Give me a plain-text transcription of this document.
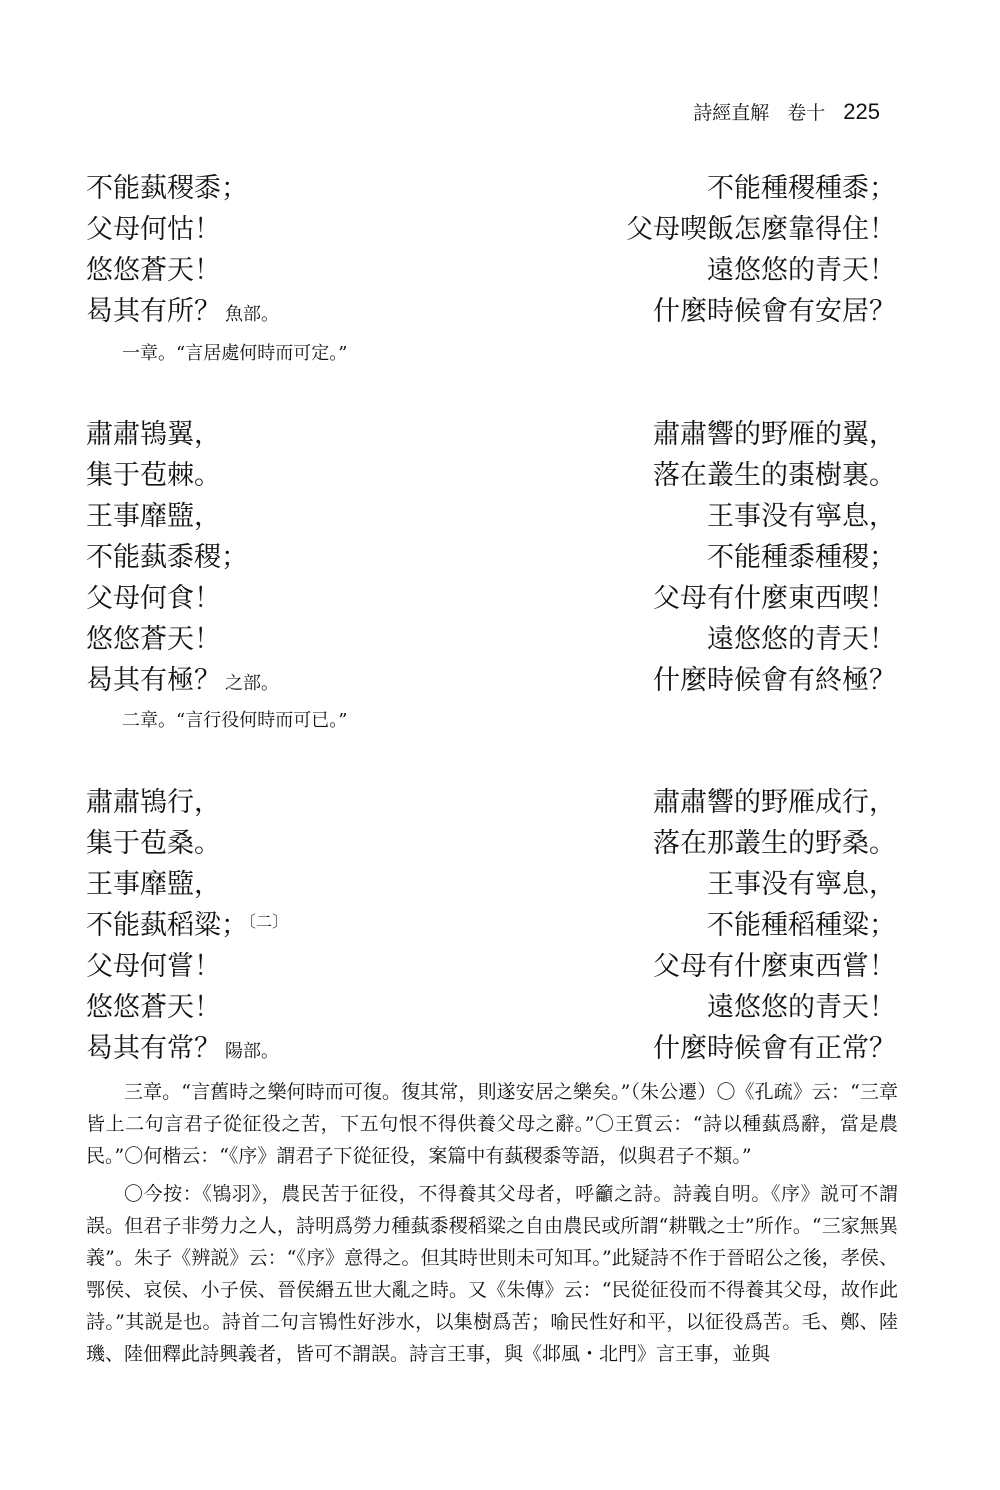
詩經直解 卷十 225
不能蓺稷黍；	不能種稷種黍；
父母何怙！	父母喫飯怎麼靠得住！
悠悠蒼天！	遠悠悠的青天！
曷其有所？ 魚部。	什麼時候會有安居？
一章。“言居處何時而可定。”
肅肅鴇翼，	肅肅響的野雁的翼，
集于苞棘。	落在叢生的棗樹裏。
王事靡盬，	王事没有寧息，
不能蓺黍稷；	不能種黍種稷；
父母何食！	父母有什麼東西喫！
悠悠蒼天！	遠悠悠的青天！
曷其有極？ 之部。	什麼時候會有終極？
二章。“言行役何時而可已。”
肅肅鴇行，	肅肅響的野雁成行，
集于苞桑。	落在那叢生的野桑。
王事靡盬，	王事没有寧息，
不能蓺稻粱；$^{〔二〕}$	不能種稻種粱；
父母何嘗！	父母有什麼東西嘗！
悠悠蒼天！	遠悠悠的青天！
曷其有常？ 陽部。	什麼時候會有正常？

三章。“言舊時之樂何時而可復。復其常，則遂安居之樂矣。”（朱公遷）〇《孔疏》云：“三章皆上二句言君子從征役之苦，下五句恨不得供養父母之辭。”〇王質云：“詩以種蓺爲辭，當是農民。”〇何楷云：“《序》謂君子下從征役，案篇中有蓺稷黍等語，似與君子不類。”

〇今按：《鴇羽》，農民苦于征役，不得養其父母者，呼籲之詩。詩義自明。《序》説可不謂誤。但君子非勞力之人，詩明爲勞力種蓺黍稷稻粱之自由農民或所謂“耕戰之士”所作。“三家無異義”。朱子《辨説》云：“《序》意得之。但其時世則未可知耳。”此疑詩不作于晉昭公之後，孝侯、鄂侯、哀侯、小子侯、晉侯緡五世大亂之時。又《朱傳》云：“民從征役而不得養其父母，故作此詩。”其説是也。詩首二句言鴇性好涉水，以集樹爲苦；喻民性好和平，以征役爲苦。毛、鄭、陸璣、陸佃釋此詩興義者，皆可不謂誤。詩言王事，與《邶風・北門》言王事，並與
